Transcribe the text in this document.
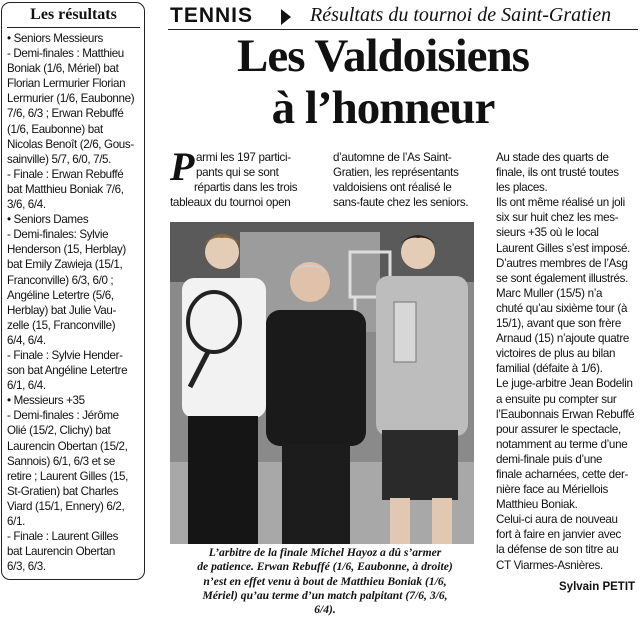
Les résultats
• Seniors Messieurs
- Demi-finales : Matthieu
Boniak (1/6, Mériel) bat
Florian Lermurier Florian
Lermurier (1/6, Eaubonne)
7/6, 6/3 ; Erwan Rebuffé
(1/6, Eaubonne) bat
Nicolas Benoît (2/6, Gous-
sainville) 5/7, 6/0, 7/5.
- Finale : Erwan Rebuffé
bat Matthieu Boniak 7/6,
3/6, 6/4.
• Seniors Dames
- Demi-finales: Sylvie
Henderson (15, Herblay)
bat Emily Zawieja (15/1,
Franconville) 6/3, 6/0 ;
Angéline Letertre (5/6,
Herblay) bat Julie Vau-
zelle (15, Franconville)
6/4, 6/4.
- Finale : Sylvie Hender-
son bat Angéline Letertre
6/1, 6/4.
• Messieurs +35
- Demi-finales : Jérôme
Olié (15/2, Clichy) bat
Laurencin Obertan (15/2,
Sannois) 6/1, 6/3 et se
retire ; Laurent Gilles (15,
St-Gratien) bat Charles
Viard (15/1, Ennery) 6/2,
6/1.
- Finale : Laurent Gilles
bat Laurencin Obertan
6/3, 6/3.
TENNIS	Résultats du tournoi de Saint-Gratien
Les Valdoisiens
à l’honneur
P armi les 197 partici-
pants qui se sont
répartis dans les trois
tableaux du tournoi open
d’automne de l’As Saint-
Gratien, les représentants
valdoisiens ont réalisé le
sans-faute chez les seniors.
Au stade des quarts de
finale, ils ont trusté toutes
les places.
Ils ont même réalisé un joli
six sur huit chez les mes-
sieurs +35 où le local
Laurent Gilles s’est imposé.
D’autres membres de l’Asg
se sont également illustrés.
Marc Muller (15/5) n’a
chuté qu’au sixième tour (à
15/1), avant que son frère
Arnaud (15) n’ajoute quatre
victoires de plus au bilan
familial (défaite à 1/6).
Le juge-arbitre Jean Bodelin
a ensuite pu compter sur
l’Eaubonnais Erwan Rebuffé
pour assurer le spectacle,
notamment au terme d’une
demi-finale puis d’une
finale acharnées, cette der-
nière face au Mériellois
Matthieu Boniak.
Celui-ci aura de nouveau
fort à faire en janvier avec
la défense de son titre au
CT Viarmes-Asnières.
L’arbitre de la finale Michel Hayoz a dû s’armer
de patience. Erwan Rebuffé (1/6, Eaubonne, à droite)
n’est en effet venu à bout de Matthieu Boniak (1/6,
Mériel) qu’au terme d’un match palpitant (7/6, 3/6,
6/4).
Sylvain PETIT
